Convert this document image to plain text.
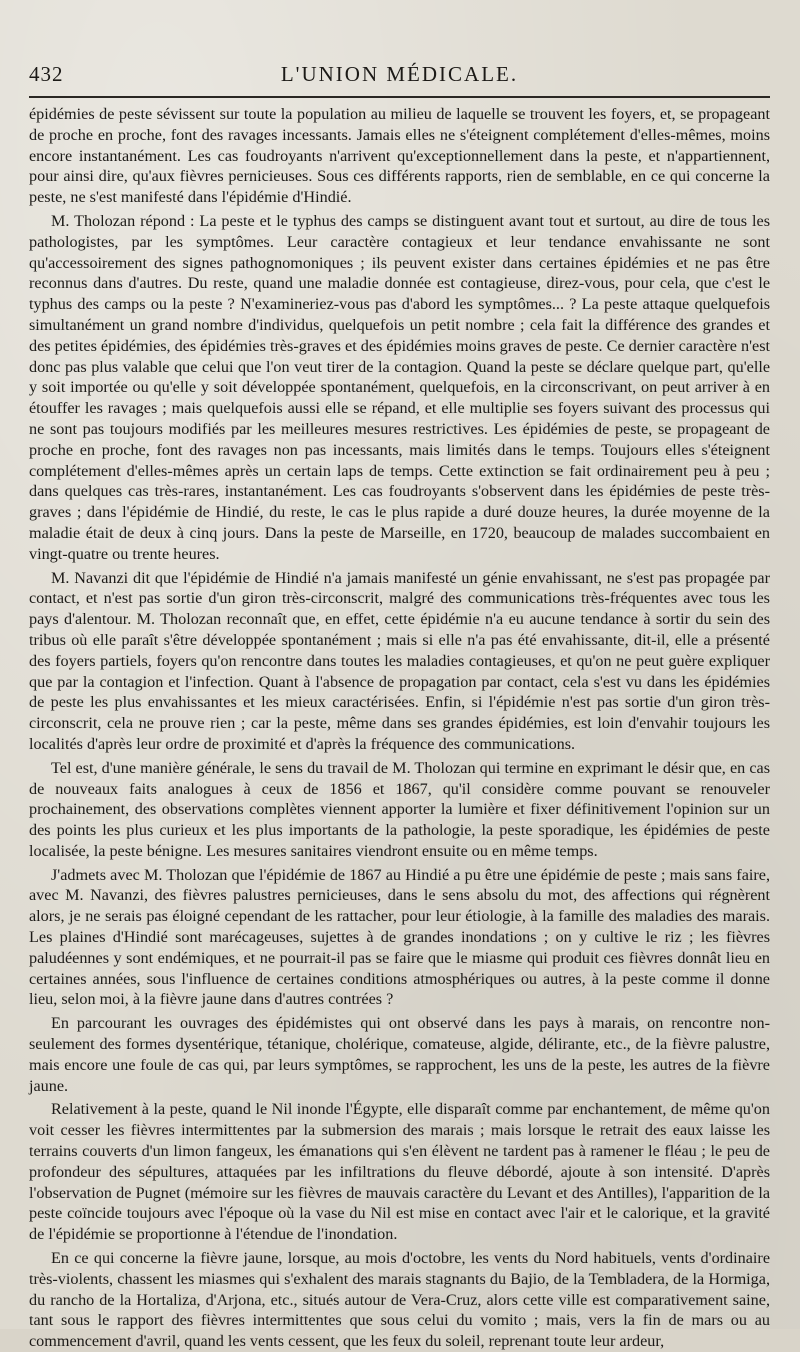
432	L'UNION MÉDICALE.

épidémies de peste sévissent sur toute la population au milieu de laquelle se trouvent les foyers, et, se propageant de proche en proche, font des ravages incessants. Jamais elles ne s'éteignent complétement d'elles-mêmes, moins encore instantanément. Les cas foudroyants n'arrivent qu'exceptionnellement dans la peste, et n'appartiennent, pour ainsi dire, qu'aux fièvres pernicieuses. Sous ces différents rapports, rien de semblable, en ce qui concerne la peste, ne s'est manifesté dans l'épidémie d'Hindié.

M. Tholozan répond : La peste et le typhus des camps se distinguent avant tout et surtout, au dire de tous les pathologistes, par les symptômes. Leur caractère contagieux et leur tendance envahissante ne sont qu'accessoirement des signes pathognomoniques ; ils peuvent exister dans certaines épidémies et ne pas être reconnus dans d'autres. Du reste, quand une maladie donnée est contagieuse, direz-vous, pour cela, que c'est le typhus des camps ou la peste ? N'examineriez-vous pas d'abord les symptômes... ? La peste attaque quelquefois simultanément un grand nombre d'individus, quelquefois un petit nombre ; cela fait la différence des grandes et des petites épidémies, des épidémies très-graves et des épidémies moins graves de peste. Ce dernier caractère n'est donc pas plus valable que celui que l'on veut tirer de la contagion. Quand la peste se déclare quelque part, qu'elle y soit importée ou qu'elle y soit développée spontanément, quelquefois, en la circonscrivant, on peut arriver à en étouffer les ravages ; mais quelquefois aussi elle se répand, et elle multiplie ses foyers suivant des processus qui ne sont pas toujours modifiés par les meilleures mesures restrictives. Les épidémies de peste, se propageant de proche en proche, font des ravages non pas incessants, mais limités dans le temps. Toujours elles s'éteignent complétement d'elles-mêmes après un certain laps de temps. Cette extinction se fait ordinairement peu à peu ; dans quelques cas très-rares, instantanément. Les cas foudroyants s'observent dans les épidémies de peste très-graves ; dans l'épidémie de Hindié, du reste, le cas le plus rapide a duré douze heures, la durée moyenne de la maladie était de deux à cinq jours. Dans la peste de Marseille, en 1720, beaucoup de malades succombaient en vingt-quatre ou trente heures.

M. Navanzi dit que l'épidémie de Hindié n'a jamais manifesté un génie envahissant, ne s'est pas propagée par contact, et n'est pas sortie d'un giron très-circonscrit, malgré des communications très-fréquentes avec tous les pays d'alentour. M. Tholozan reconnaît que, en effet, cette épidémie n'a eu aucune tendance à sortir du sein des tribus où elle paraît s'être développée spontanément ; mais si elle n'a pas été envahissante, dit-il, elle a présenté des foyers partiels, foyers qu'on rencontre dans toutes les maladies contagieuses, et qu'on ne peut guère expliquer que par la contagion et l'infection. Quant à l'absence de propagation par contact, cela s'est vu dans les épidémies de peste les plus envahissantes et les mieux caractérisées. Enfin, si l'épidémie n'est pas sortie d'un giron très-circonscrit, cela ne prouve rien ; car la peste, même dans ses grandes épidémies, est loin d'envahir toujours les localités d'après leur ordre de proximité et d'après la fréquence des communications.

Tel est, d'une manière générale, le sens du travail de M. Tholozan qui termine en exprimant le désir que, en cas de nouveaux faits analogues à ceux de 1856 et 1867, qu'il considère comme pouvant se renouveler prochainement, des observations complètes viennent apporter la lumière et fixer définitivement l'opinion sur un des points les plus curieux et les plus importants de la pathologie, la peste sporadique, les épidémies de peste localisée, la peste bénigne. Les mesures sanitaires viendront ensuite ou en même temps.

J'admets avec M. Tholozan que l'épidémie de 1867 au Hindié a pu être une épidémie de peste ; mais sans faire, avec M. Navanzi, des fièvres palustres pernicieuses, dans le sens absolu du mot, des affections qui régnèrent alors, je ne serais pas éloigné cependant de les rattacher, pour leur étiologie, à la famille des maladies des marais. Les plaines d'Hindié sont marécageuses, sujettes à de grandes inondations ; on y cultive le riz ; les fièvres paludéennes y sont endémiques, et ne pourrait-il pas se faire que le miasme qui produit ces fièvres donnât lieu en certaines années, sous l'influence de certaines conditions atmosphériques ou autres, à la peste comme il donne lieu, selon moi, à la fièvre jaune dans d'autres contrées ?

En parcourant les ouvrages des épidémistes qui ont observé dans les pays à marais, on rencontre non-seulement des formes dysentérique, tétanique, cholérique, comateuse, algide, délirante, etc., de la fièvre palustre, mais encore une foule de cas qui, par leurs symptômes, se rapprochent, les uns de la peste, les autres de la fièvre jaune.

Relativement à la peste, quand le Nil inonde l'Égypte, elle disparaît comme par enchantement, de même qu'on voit cesser les fièvres intermittentes par la submersion des marais ; mais lorsque le retrait des eaux laisse les terrains couverts d'un limon fangeux, les émanations qui s'en élèvent ne tardent pas à ramener le fléau ; le peu de profondeur des sépultures, attaquées par les infiltrations du fleuve débordé, ajoute à son intensité. D'après l'observation de Pugnet (mémoire sur les fièvres de mauvais caractère du Levant et des Antilles), l'apparition de la peste coïncide toujours avec l'époque où la vase du Nil est mise en contact avec l'air et le calorique, et la gravité de l'épidémie se proportionne à l'étendue de l'inondation.

En ce qui concerne la fièvre jaune, lorsque, au mois d'octobre, les vents du Nord habituels, vents d'ordinaire très-violents, chassent les miasmes qui s'exhalent des marais stagnants du Bajio, de la Tembladera, de la Hormiga, du rancho de la Hortaliza, d'Arjona, etc., situés autour de Vera-Cruz, alors cette ville est comparativement saine, tant sous le rapport des fièvres intermittentes que sous celui du vomito ; mais, vers la fin de mars ou au commencement d'avril, quand les vents cessent, que les feux du soleil, reprenant toute leur ardeur,
